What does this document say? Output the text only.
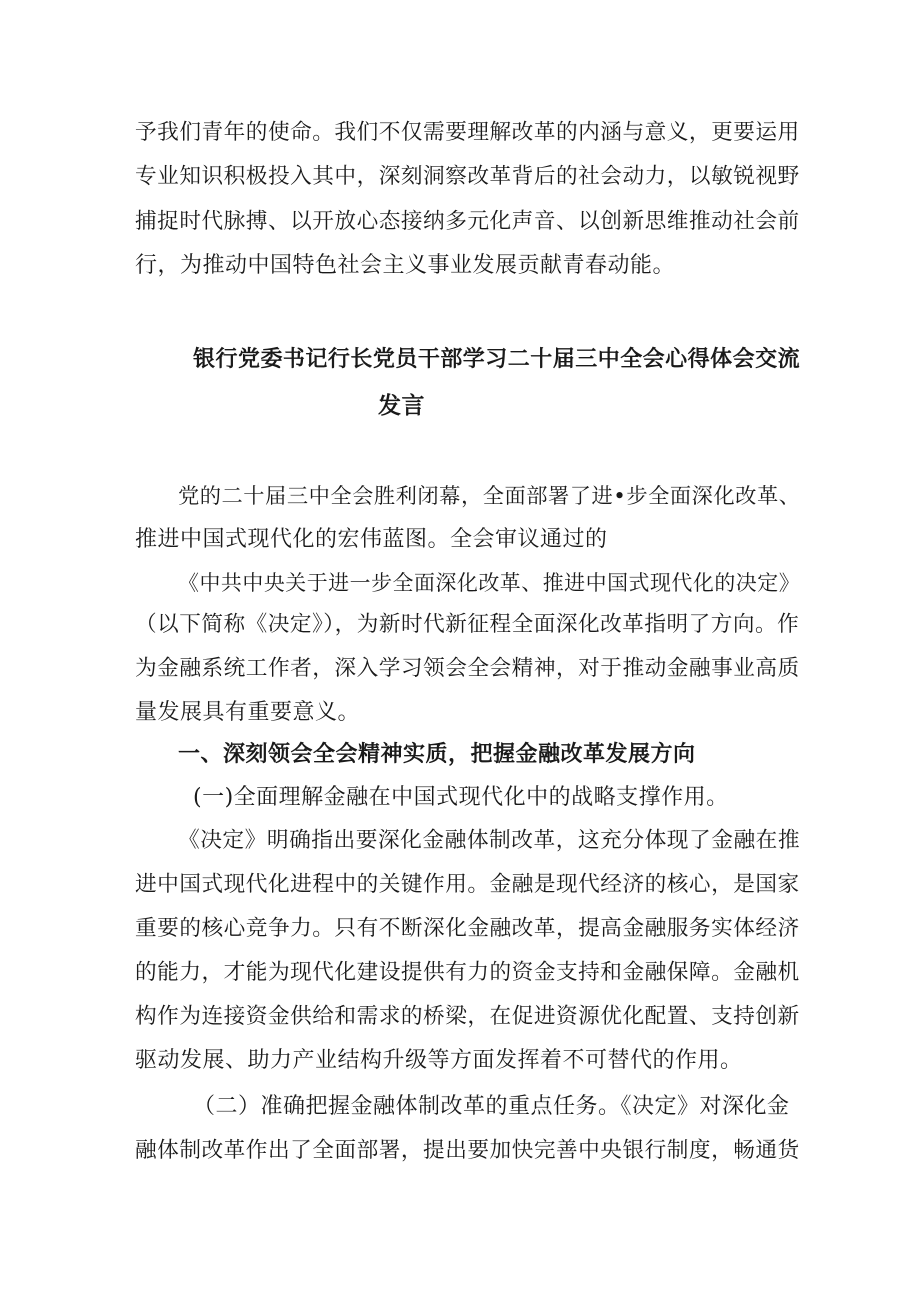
予我们青年的使命。我们不仅需要理解改革的内涵与意义，更要运用
专业知识积极投入其中，深刻洞察改革背后的社会动力，以敏锐视野
捕捉时代脉搏、以开放心态接纳多元化声音、以创新思维推动社会前
行，为推动中国特色社会主义事业发展贡献青春动能。
银行党委书记行长党员干部学习二十届三中全会心得体会交流
发言
党的二十届三中全会胜利闭幕，全面部署了进•步全面深化改革、
推进中国式现代化的宏伟蓝图。全会审议通过的
《中共中央关于进一步全面深化改革、推进中国式现代化的决定》
（以下简称《决定》），为新时代新征程全面深化改革指明了方向。作
为金融系统工作者，深入学习领会全会精神，对于推动金融事业高质
量发展具有重要意义。
一、深刻领会全会精神实质，把握金融改革发展方向
(一)全面理解金融在中国式现代化中的战略支撑作用。
《决定》明确指出要深化金融体制改革，这充分体现了金融在推
进中国式现代化进程中的关键作用。金融是现代经济的核心，是国家
重要的核心竞争力。只有不断深化金融改革，提高金融服务实体经济
的能力，才能为现代化建设提供有力的资金支持和金融保障。金融机
构作为连接资金供给和需求的桥梁，在促进资源优化配置、支持创新
驱动发展、助力产业结构升级等方面发挥着不可替代的作用。
（二）准确把握金融体制改革的重点任务。《决定》对深化金
融体制改革作出了全面部署，提出要加快完善中央银行制度，畅通货
